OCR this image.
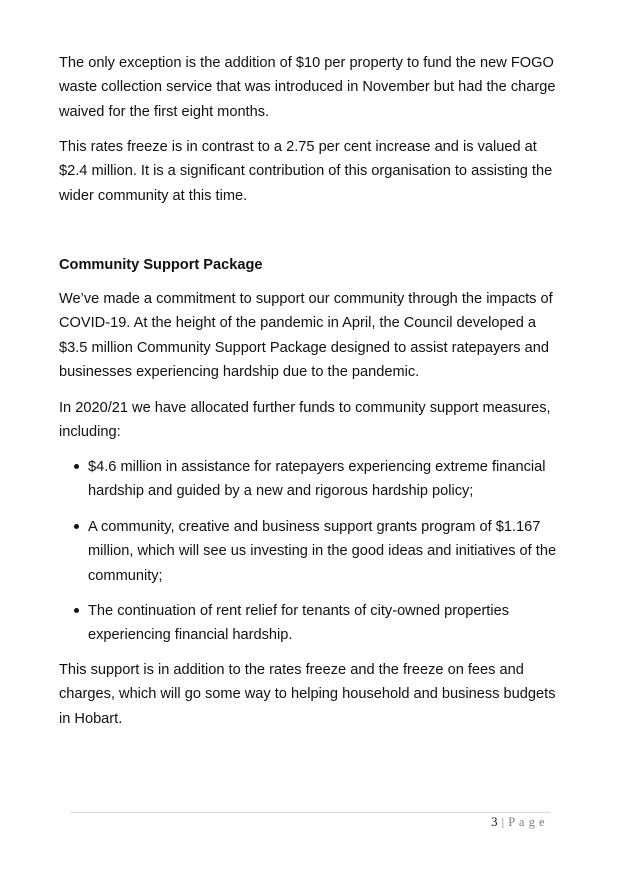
The only exception is the addition of $10 per property to fund the new FOGO
waste collection service that was introduced in November but had the charge
waived for the first eight months.

This rates freeze is in contrast to a 2.75 per cent increase and is valued at
$2.4 million. It is a significant contribution of this organisation to assisting the
wider community at this time.

Community Support Package

We’ve made a commitment to support our community through the impacts of
COVID-19. At the height of the pandemic in April, the Council developed a
$3.5 million Community Support Package designed to assist ratepayers and
businesses experiencing hardship due to the pandemic.

In 2020/21 we have allocated further funds to community support measures,
including:

$4.6 million in assistance for ratepayers experiencing extreme financial
hardship and guided by a new and rigorous hardship policy;
A community, creative and business support grants program of $1.167
million, which will see us investing in the good ideas and initiatives of the
community;
The continuation of rent relief for tenants of city-owned properties
experiencing financial hardship.

This support is in addition to the rates freeze and the freeze on fees and
charges, which will go some way to helping household and business budgets
in Hobart.

3 | P a g e
